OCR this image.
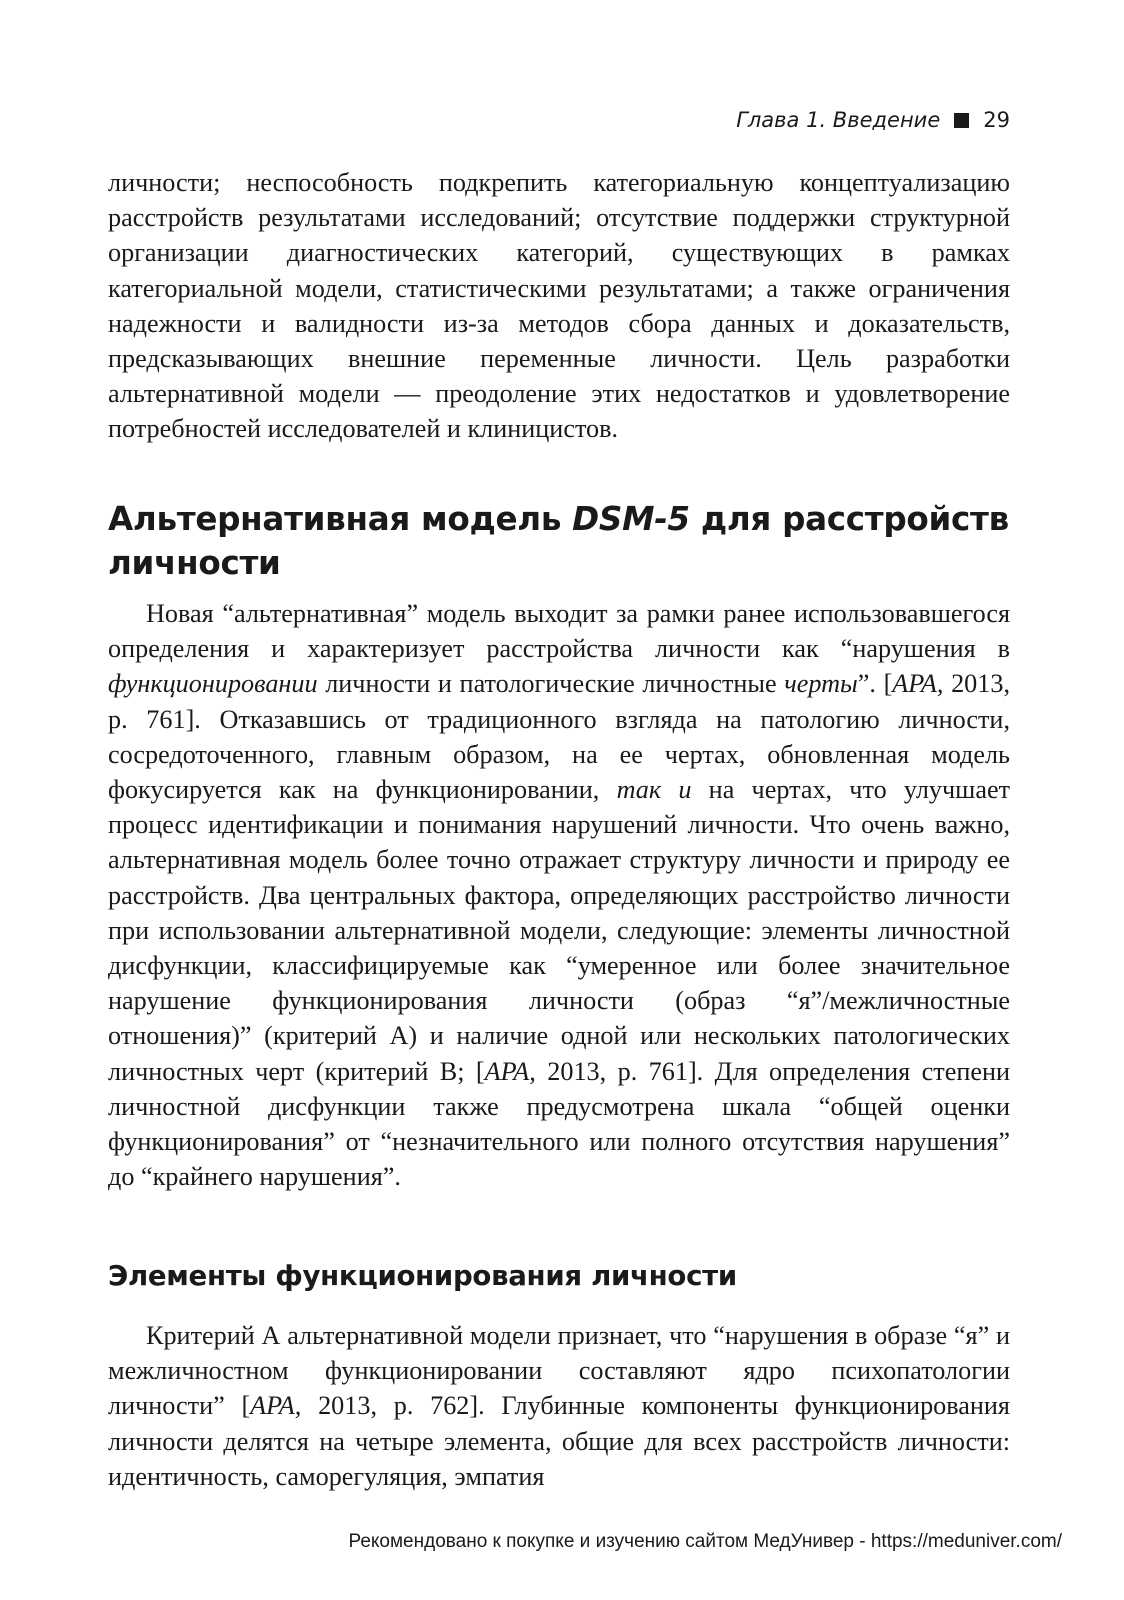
Глава 1. Введение 29

личности; неспособность подкрепить категориальную концептуализацию расстройств результатами исследований; отсутствие поддержки структурной организации диагностических категорий, существующих в рамках категориальной модели, статистическими результатами; а также ограничения надежности и валидности из-за методов сбора данных и доказательств, предсказывающих внешние переменные личности. Цель разработки альтернативной модели — преодоление этих недостатков и удовлетворение потребностей исследователей и клиницистов.

Альтернативная модель DSM-5 для расстройств личности

Новая “альтернативная” модель выходит за рамки ранее использовавшегося определения и характеризует расстройства личности как “нарушения в функционировании личности и патологические личностные черты”. [APA, 2013, p. 761]. Отказавшись от традиционного взгляда на патологию личности, сосредоточенного, главным образом, на ее чертах, обновленная модель фокусируется как на функционировании, так и на чертах, что улучшает процесс идентификации и понимания нарушений личности. Что очень важно, альтернативная модель более точно отражает структуру личности и природу ее расстройств. Два центральных фактора, определяющих расстройство личности при использовании альтернативной модели, следующие: элементы личностной дисфункции, классифицируемые как “умеренное или более значительное нарушение функционирования личности (образ “я”/межличностные отношения)” (критерий А) и наличие одной или нескольких патологических личностных черт (критерий В; [APA, 2013, p. 761]. Для определения степени личностной дисфункции также предусмотрена шкала “общей оценки функционирования” от “незначительного или полного отсутствия нарушения” до “крайнего нарушения”.

Элементы функционирования личности

Критерий А альтернативной модели признает, что “нарушения в образе “я” и межличностном функционировании составляют ядро психопатологии личности” [APA, 2013, p. 762]. Глубинные компоненты функционирования личности делятся на четыре элемента, общие для всех расстройств личности: идентичность, саморегуляция, эмпатия

Рекомендовано к покупке и изучению сайтом МедУнивер - https://meduniver.com/
